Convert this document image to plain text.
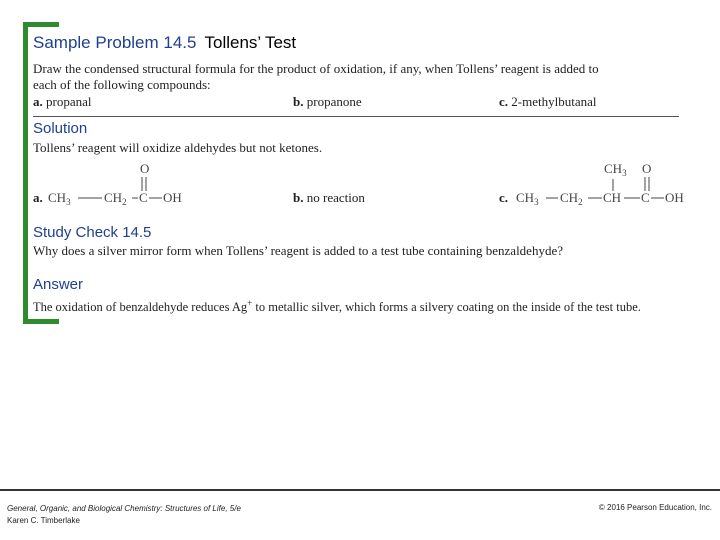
Sample Problem 14.5 Tollens’ Test
Draw the condensed structural formula for the product of oxidation, if any, when Tollens’ reagent is added to
each of the following compounds:
a. propanal	b. propanone	c. 2-methylbutanal
Solution
Tollens’ reagent will oxidize aldehydes but not ketones.
a.
O
$CH_3$	$CH_2$ C OH	b. no reaction	c.
$CH_3$ O
$CH_3$ $CH_2$ CH C OH
Study Check 14.5
Why does a silver mirror form when Tollens’ reagent is added to a test tube containing benzaldehyde?
Answer
The oxidation of benzaldehyde reduces Ag+ to metallic silver, which forms a silvery coating on the inside of the test tube.
General, Organic, and Biological Chemistry: Structures of Life, 5/e
Karen C. Timberlake
© 2016 Pearson Education, Inc.
